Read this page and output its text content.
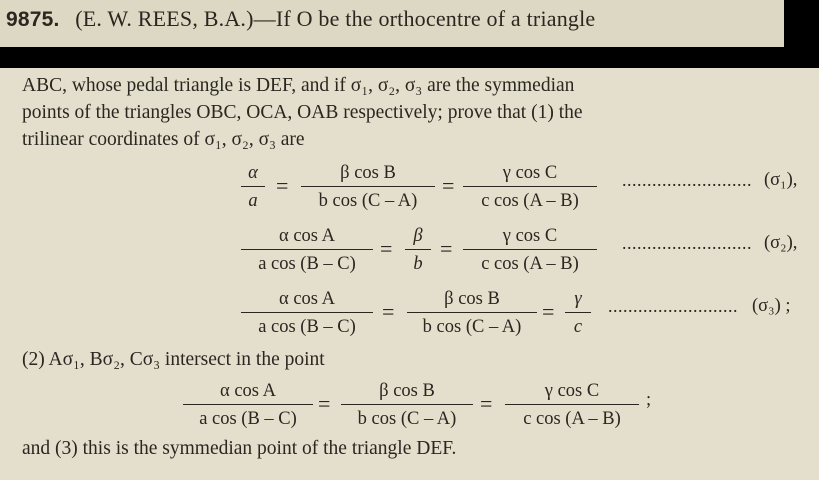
9875. (E. W. REES, B.A.)—If O be the orthocentre of a triangle
ABC, whose pedal triangle is DEF, and if σ₁, σ₂, σ₃ are the symmedian
points of the triangles OBC, OCA, OAB respectively; prove that (1) the
trilinear coordinates of σ₁, σ₂, σ₃ are
α
a
=	β cos B
b cos (C – A)
=	γ cos C
c cos (A – B)
.......................... (σ₁),
α cos A
a cos (B – C)
=	β
b
=	γ cos C
c cos (A – B)
.......................... (σ₂),
α cos A
a cos (B – C)
=	β cos B
b cos (C – A)
=	γ
c
.......................... (σ₃) ;
(2) Aσ₁, Bσ₂, Cσ₃ intersect in the point
α cos A
a cos (B – C)
=	β cos B
b cos (C – A)
=	γ cos C
c cos (A – B)
;
and (3) this is the symmedian point of the triangle DEF.
